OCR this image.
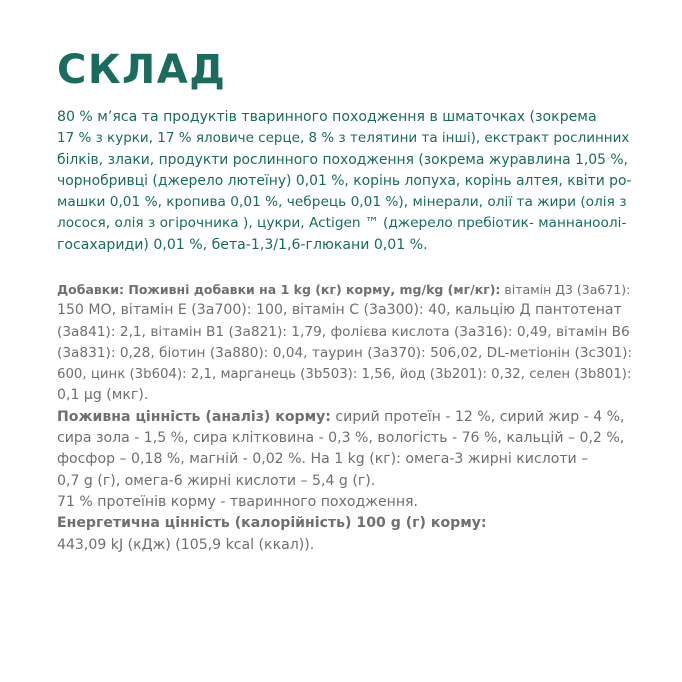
СКЛАД

80 % м’яса та продуктів тваринного походження в шматочках (зокрема
17 % з курки, 17 % яловиче серце, 8 % з телятини та інші), екстракт рослинних
білків, злаки, продукти рослинного походження (зокрема журавлина 1,05 %,
чорнобривці (джерело лютеїну) 0,01 %, корінь лопуха, корінь алтея, квіти ро-
машки 0,01 %, кропива 0,01 %, чебрець 0,01 %), мінерали, олії та жири (олія з
лосося, олія з огірочника ), цукри, Actigen ™ (джерело пребіотик- маннаноолі-
госахариди) 0,01 %, бета-1,3/1,6-глюкани 0,01 %.

Добавки: Поживні добавки на 1 kg (кг) корму, mg/kg (мг/кг): вітамін Д3 (3а671):
150 МО, вітамін Е (3а700): 100, вітамін С (3а300): 40, кальцію Д пантотенат
(3а841): 2,1, вітамін В1 (3а821): 1,79, фолієва кислота (3а316): 0,49, вітамін В6
(3а831): 0,28, біотин (3а880): 0,04, таурин (3а370): 506,02, DL-метіонін (3c301):
600, цинк (3b604): 2,1, марганець (3b503): 1,56, йод (3b201): 0,32, селен (3b801):
0,1 µg (мкг).
Поживна цінність (аналіз) корму: сирий протеїн - 12 %, сирий жир - 4 %,
сира зола - 1,5 %, сира клітковина - 0,3 %, вологість - 76 %, кальцій – 0,2 %,
фосфор – 0,18 %, магній - 0,02 %. На 1 kg (кг): омега-3 жирні кислоти –
0,7 g (г), омега-6 жирні кислоти – 5,4 g (г).
71 % протеїнів корму - тваринного походження.
Енергетична цінність (калорійність) 100 g (г) корму:
443,09 kJ (кДж) (105,9 kcal (ккал)).
